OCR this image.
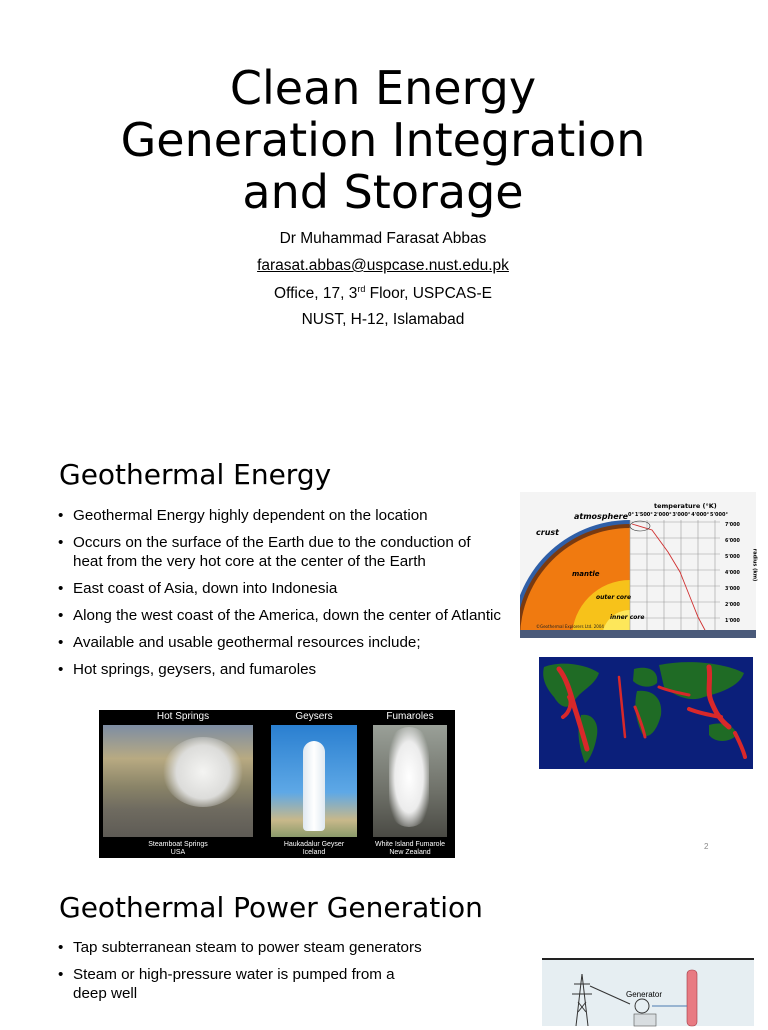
Clean Energy
Generation Integration
and Storage
Dr Muhammad Farasat Abbas
farasat.abbas@uspcase.nust.edu.pk
Office, 17, 3rd Floor, USPCAS-E
NUST, H-12, Islamabad
Geothermal Energy
• Geothermal Energy highly dependent on the location
• Occurs on the surface of the Earth due to the conduction of heat from the very hot core at the center of the Earth
• East coast of Asia, down into Indonesia
• Along the west coast of the America, down the center of Atlantic
• Available and usable geothermal resources include;
• Hot springs, geysers, and fumaroles
temperature (°K)
0° 1'500° 2'000° 3'000° 4'000° 5'000°
7'000
6'000
5'000
4'000
3'000
2'000
1'000
radius (km)
atmosphere
crust
mantle
outer core
inner core
©Geothermal Explorers Ltd. 2004
Hot Springs	Geysers	Fumaroles
Steamboat Springs
USA
Haukadalur Geyser
Iceland
White Island Fumarole
New Zealand
2
Geothermal Power Generation
• Tap subterranean steam to power steam generators
• Steam or high-pressure water is pumped from a deep well	Generator
